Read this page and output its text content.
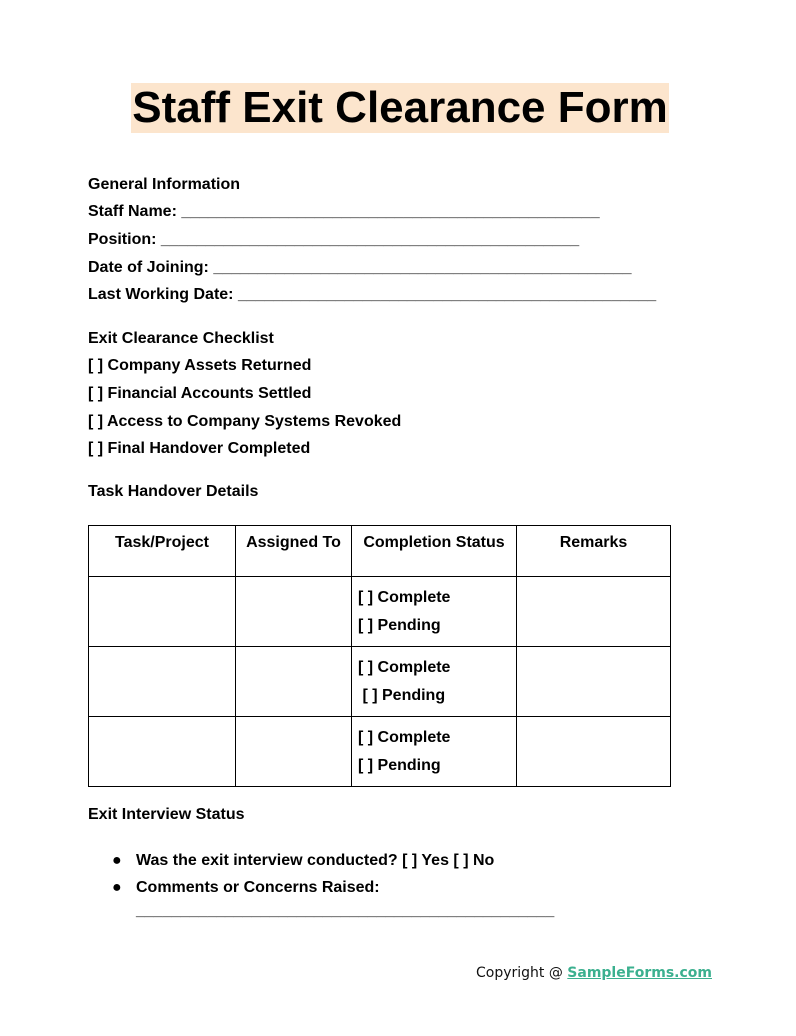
Staff Exit Clearance Form
General Information
Staff Name: _______________________________________________
Position: _______________________________________________
Date of Joining: _______________________________________________
Last Working Date: _______________________________________________
Exit Clearance Checklist
[ ] Company Assets Returned
[ ] Financial Accounts Settled
[ ] Access to Company Systems Revoked
[ ] Final Handover Completed
Task Handover Details
Task/Project	Assigned To	Completion Status	Remarks

		[ ] Complete
[ ] Pending	

		[ ] Complete
[ ] Pending	

		[ ] Complete
[ ] Pending	

Exit Interview Status
● Was the exit interview conducted? [ ] Yes [ ] No
● Comments or Concerns Raised:
_______________________________________________
Copyright @ SampleForms.com
